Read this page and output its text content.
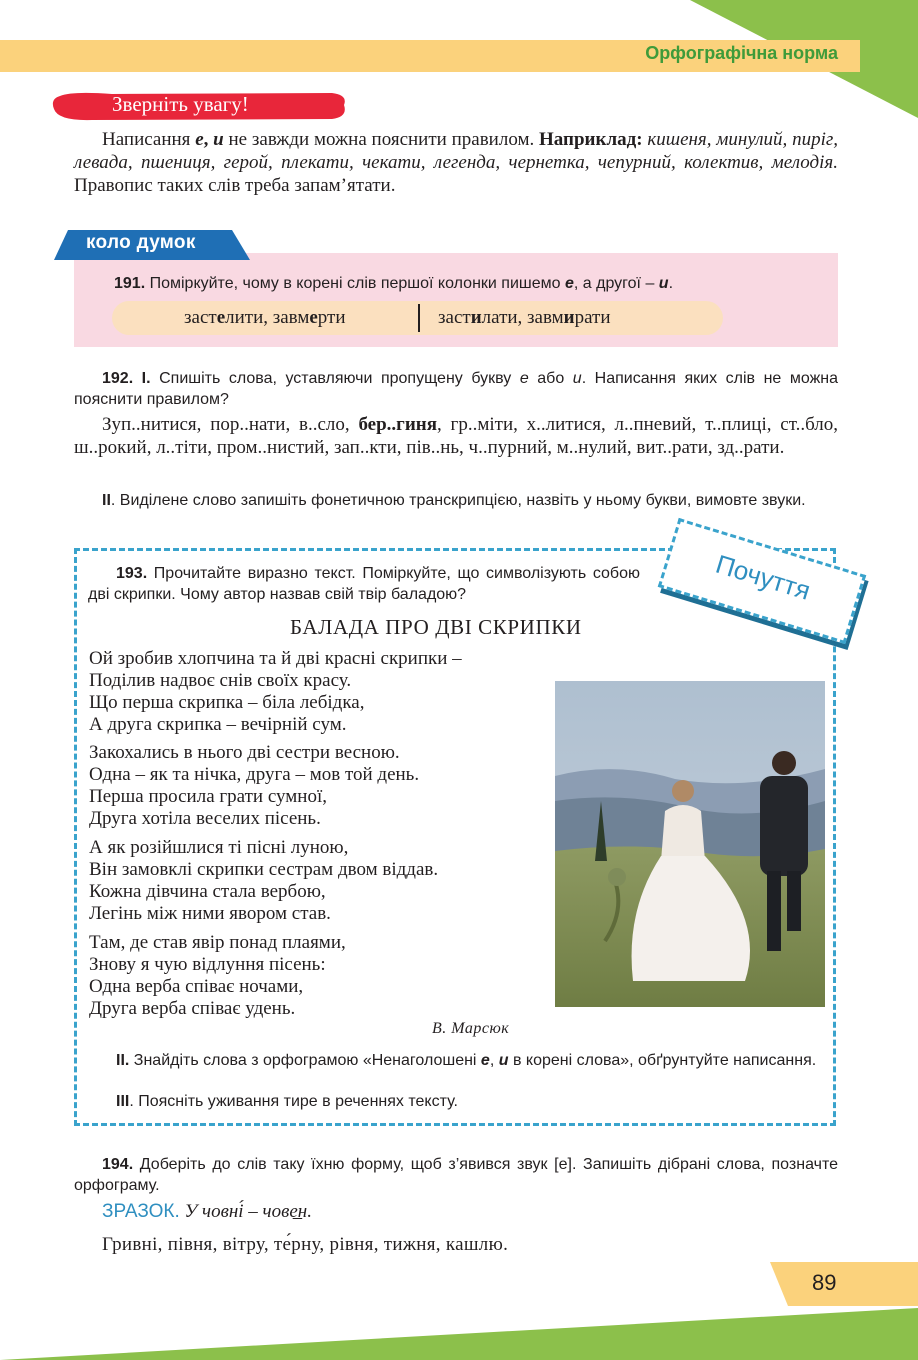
Орфографічна норма
Зверніть увагу!
Написання е, и не завжди можна пояснити правилом. Наприклад: кишеня, минулий, пиріг, левада, пшениця, герой, плекати, чекати, легенда, чернетка, чепурний, колектив, мелодія. Правопис таких слів треба запам’ятати.
коло думок
191. Поміркуйте, чому в корені слів першої колонки пишемо е, а другої – и.
застелити, завмерти	застилати, завмирати
192. І. Спишіть слова, уставляючи пропущену букву е або и. Написання яких слів не можна пояснити правилом?
Зуп..нитися, пор..нати, в..сло, бер..гиня, гр..міти, х..литися, л..пневий, т..плиці, ст..бло, ш..рокий, л..тіти, пром..нистий, зап..кти, пів..нь, ч..пурний, м..нулий, вит..рати, зд..рати.
ІІ. Виділене слово запишіть фонетичною транскрипцією, назвіть у ньому букви, вимовте звуки.
Почуття
193. Прочитайте виразно текст. Поміркуйте, що символізують собою дві скрипки. Чому автор назвав свій твір баладою?
БАЛАДА ПРО ДВІ СКРИПКИ
Ой зробив хлопчина та й дві красні скрипки –
Поділив надвоє снів своїх красу.
Що перша скрипка – біла лебідка,
А друга скрипка – вечірній сум.
Закохались в нього дві сестри весною.
Одна – як та нічка, друга – мов той день.
Перша просила грати сумної,
Друга хотіла веселих пісень.
А як розійшлися ті пісні луною,
Він замовклі скрипки сестрам двом віддав.
Кожна дівчина стала вербою,
Легінь між ними явором став.
Там, де став явір понад плаями,
Знову я чую відлуння пісень:
Одна верба співає ночами,
Друга верба співає удень.
В. Марсюк
ІІ. Знайдіть слова з орфограмою «Ненаголошені е, и в корені слова», обґрунтуйте написання.
ІІІ. Поясніть уживання тире в реченнях тексту.
194. Доберіть до слів таку їхню форму, щоб з’явився звук [е]. Запишіть дібрані слова, позначте орфограму.
ЗРАЗОК. У човні́ – чове̲н.
Гривні, півня, вітру, те́рну, рівня, тижня, кашлю.
89
